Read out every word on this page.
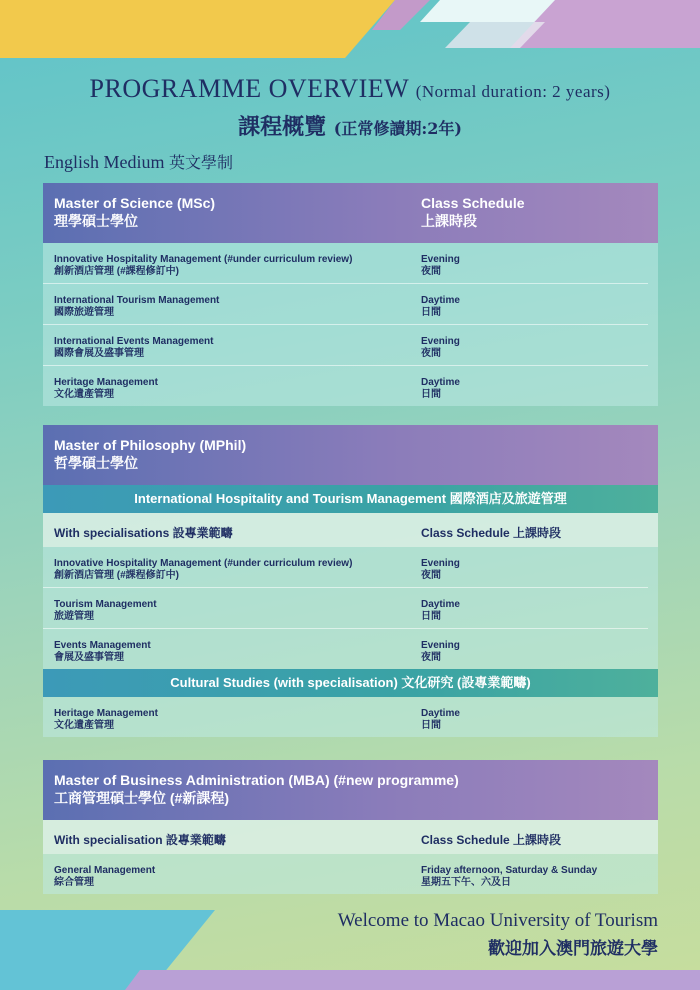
PROGRAMME OVERVIEW (Normal duration: 2 years)
課程概覽 (正常修讀期:2年)
English Medium 英文學制
Master of Science (MSc)
理學碩士學位
Class Schedule
上課時段
Innovative Hospitality Management (#under curriculum review)
創新酒店管理 (#課程修訂中)
Evening
夜間
International Tourism Management
國際旅遊管理
Daytime
日間
International Events Management
國際會展及盛事管理
Evening
夜間
Heritage Management
文化遺產管理
Daytime
日間
Master of Philosophy (MPhil)
哲學碩士學位
International Hospitality and Tourism Management 國際酒店及旅遊管理
With specialisations 設專業範疇	Class Schedule 上課時段
Innovative Hospitality Management (#under curriculum review)
創新酒店管理 (#課程修訂中)
Evening
夜間
Tourism Management
旅遊管理
Daytime
日間
Events Management
會展及盛事管理
Evening
夜間
Cultural Studies (with specialisation) 文化研究 (設專業範疇)
Heritage Management
文化遺產管理
Daytime
日間
Master of Business Administration (MBA) (#new programme)
工商管理碩士學位 (#新課程)
With specialisation 設專業範疇	Class Schedule 上課時段
General Management
綜合管理
Friday afternoon, Saturday & Sunday
星期五下午、六及日
Welcome to Macao University of Tourism
歡迎加入澳門旅遊大學
